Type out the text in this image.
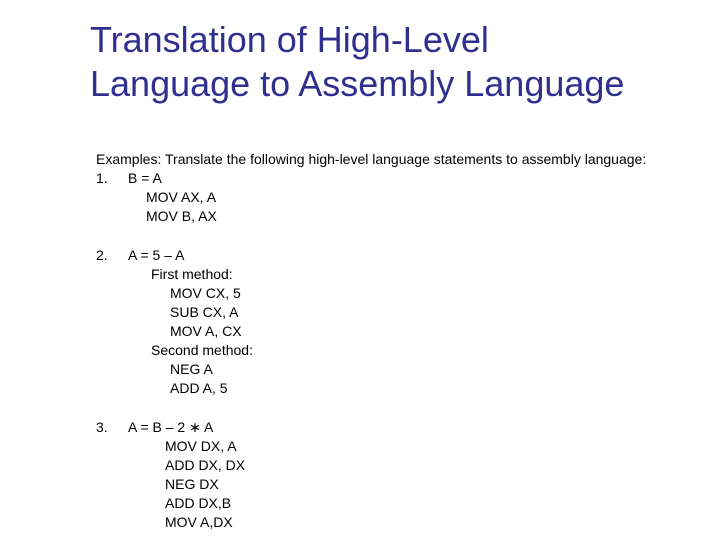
Translation of High-Level
Language to Assembly Language
Examples: Translate the following high-level language statements to assembly language:
1. B = A
MOV AX, A
MOV B, AX
2. A = 5 – A
First method:
MOV CX, 5
SUB CX, A
MOV A, CX
Second method:
NEG A
ADD A, 5
3. A = B – 2 ∗ A
MOV DX, A
ADD DX, DX
NEG DX
ADD DX,B
MOV A,DX
